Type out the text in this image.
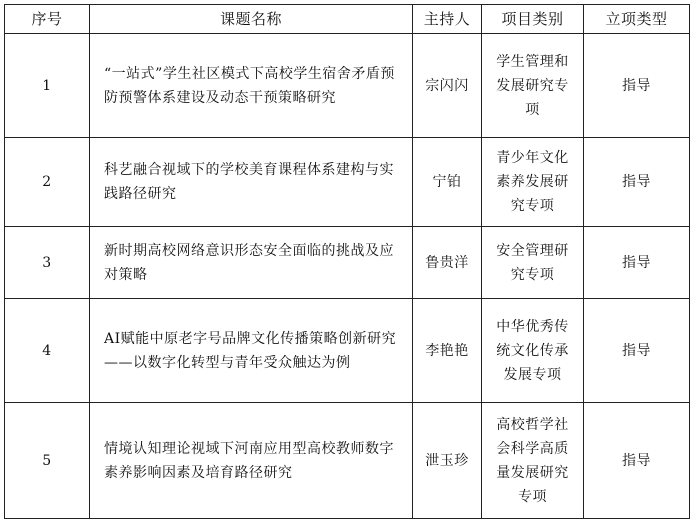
序号	课题名称	主持人	项目类别	立项类型
1	“一站式”学生社区模式下高校学生宿舍矛盾预防预警体系建设及动态干预策略研究	宗闪闪	学生管理和发展研究专项	指导
2	科艺融合视域下的学校美育课程体系建构与实践路径研究	宁铂	青少年文化素养发展研究专项	指导
3	新时期高校网络意识形态安全面临的挑战及应对策略	鲁贵洋	安全管理研究专项	指导
4	AI赋能中原老字号品牌文化传播策略创新研究——以数字化转型与青年受众触达为例	李艳艳	中华优秀传统文化传承发展专项	指导
5	情境认知理论视域下河南应用型高校教师数字素养影响因素及培育路径研究	泄玉珍	高校哲学社会科学高质量发展研究专项	指导
